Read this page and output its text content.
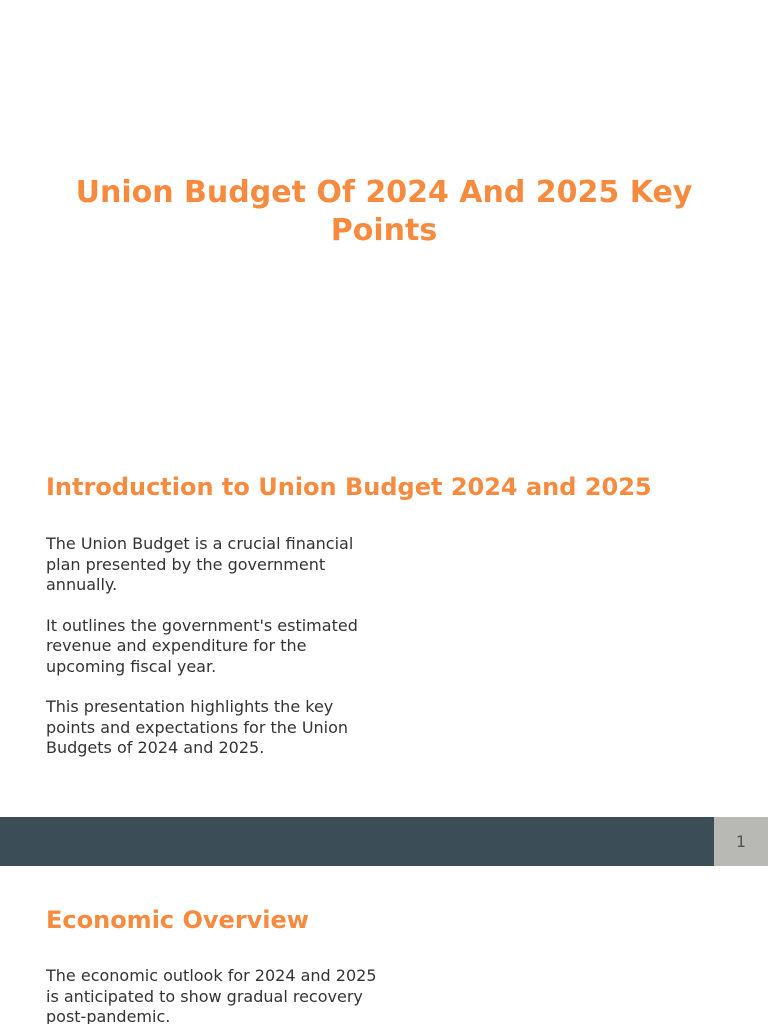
Union Budget Of 2024 And 2025 Key Points
Introduction to Union Budget 2024 and 2025

The Union Budget is a crucial financial plan presented by the government annually.

It outlines the government's estimated revenue and expenditure for the upcoming fiscal year.

This presentation highlights the key points and expectations for the Union Budgets of 2024 and 2025.

1
Economic Overview

The economic outlook for 2024 and 2025 is anticipated to show gradual recovery post-pandemic.
